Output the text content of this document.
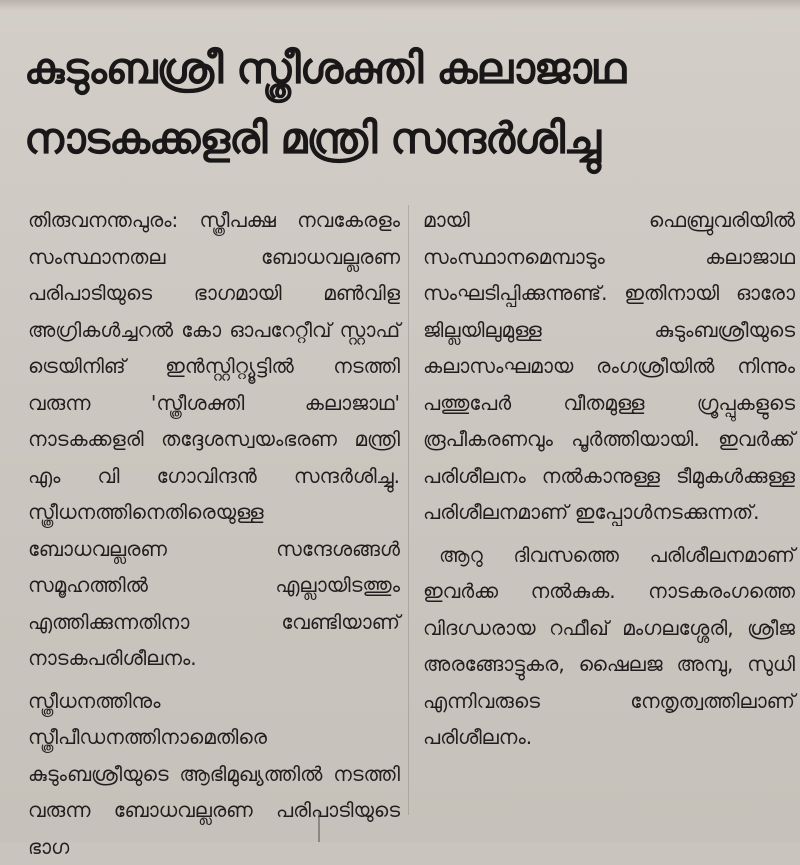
കുടുംബശ്രീ സ്ത്രീശക്തി കലാജാഥ
നാടകക്കളരി മന്ത്രി സന്ദർശിച്ചു

തിരുവനന്തപുരം: സ്ത്രീപക്ഷ നവകേരളം സംസ്ഥാനതല ബോധവല്ലരണ പരിപാടിയുടെ ഭാഗമായി മൺവിള അഗ്രികൾച്ചറൽ കോ ഓപറേറ്റീവ് സ്റ്റാഫ് ട്രെയിനിങ് ഇൻസ്റ്റിറ്റ്യൂട്ടിൽ നടത്തി വരുന്ന 'സ്ത്രീശക്തി കലാജാഥ' നാടകക്കളരി തദ്ദേശസ്വയംഭരണ മന്ത്രി എം വി ഗോവിന്ദൻ സന്ദർശിച്ചു. സ്ത്രീധനത്തിനെതിരെയുള്ള ബോധവല്ലരണ സന്ദേശങ്ങൾ സമൂഹത്തിൽ എല്ലായിടത്തും എത്തിക്കുന്നതിനാ വേണ്ടിയാണ് നാടകപരിശീലനം.

സ്ത്രീധനത്തിനും സ്ത്രീപീഡനത്തിനാമെതിരെ കുടുംബശ്രീയുടെ ആഭിമുഖ്യത്തിൽ നടത്തി വരുന്ന ബോധവല്ലരണ പരിപാടിയുടെ ഭാഗ

മായി ഫെബ്രുവരിയിൽ സംസ്ഥാനമെമ്പാടും കലാജാഥ സംഘടിപ്പിക്കുന്നുണ്ട്. ഇതിനായി ഓരോ ജില്ലയിലുമുള്ള കുടുംബശ്രീയുടെ കലാസംഘമായ രംഗശ്രീയിൽ നിന്നും പത്തുപേർ വീതമുള്ള ഗ്രൂപ്പുകളുടെ രൂപീകരണവും പൂർത്തിയായി. ഇവർക്ക് പരിശീലനം നൽകാനുള്ള ടീമുകൾക്കുള്ള പരിശീലനമാണ് ഇപ്പോൾനടക്കുന്നത്.

ആറു ദിവസത്തെ പരിശീലനമാണ് ഇവർക്ക നൽകുക. നാടകരംഗത്തെ വിദഗ്ധരായ റഫീഖ് മംഗലശ്ശേരി, ശ്രീജ അരങ്ങോട്ടുകര, ഷൈലജ അമ്പു, സുധി എന്നിവരുടെ നേതൃത്വത്തിലാണ് പരിശീലനം.
